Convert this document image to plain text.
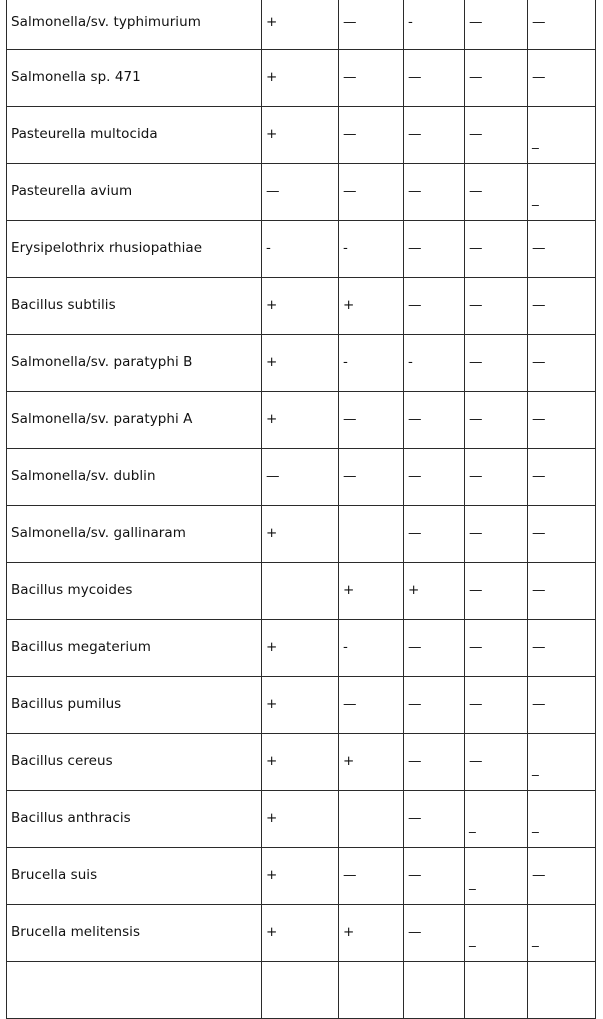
Salmonella/sv. typhimurium	+	—	-	—	—
Salmonella sp. 471	+	—	—	—	—
Pasteurella multocida	+	—	—	—	_
Pasteurella avium	—	—	—	—	_
Erysipelothrix rhusiopathiae	-	-	—	—	—
Bacillus subtilis	+	+	—	—	—
Salmonella/sv. paratyphi B	+	-	-	—	—
Salmonella/sv. paratyphi A	+	—	—	—	—
Salmonella/sv. dublin	—	—	—	—	—
Salmonella/sv. gallinaram	+		—	—	—
Bacillus mycoides		+	+	—	—
Bacillus megaterium	+	-	—	—	—
Bacillus pumilus	+	—	—	—	—
Bacillus cereus	+	+	—	—	_
Bacillus anthracis	+		—	_	_
Brucella suis	+	—	—	_	—
Brucella melitensis	+	+	—	_	_
